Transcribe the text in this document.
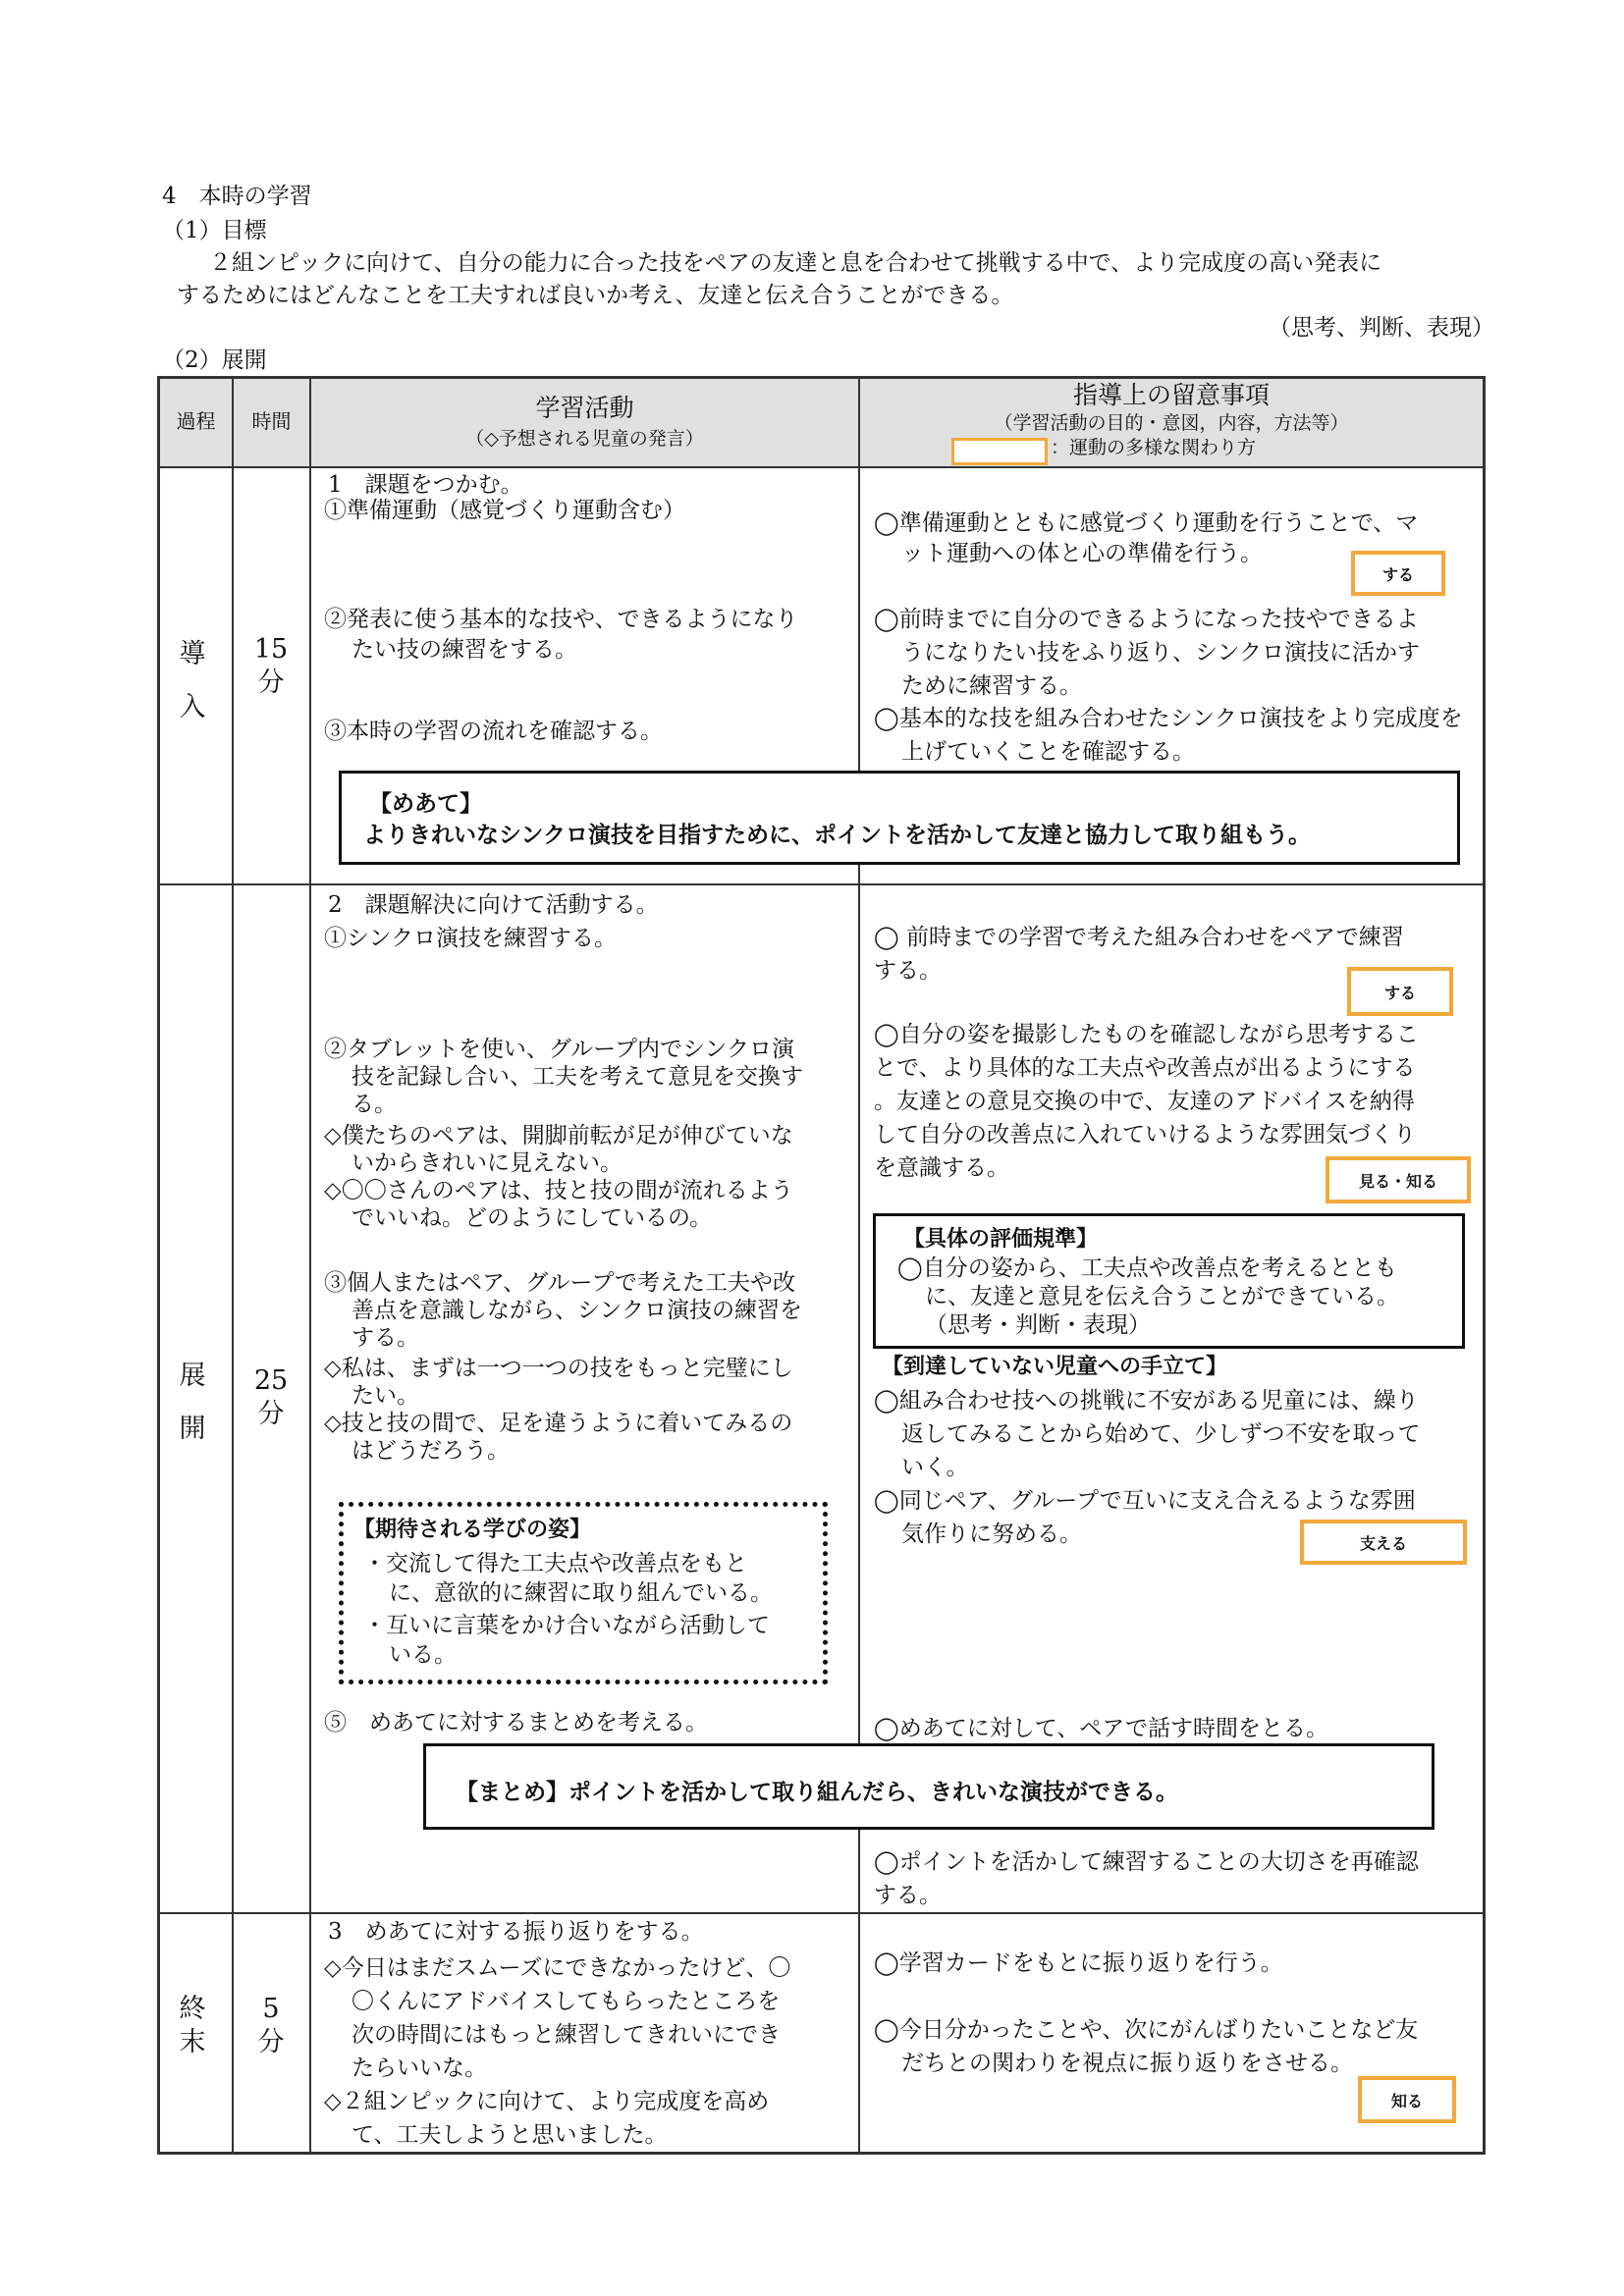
4　本時の学習
（1）目標
２組ンピックに向けて、自分の能力に合った技をペアの友達と息を合わせて挑戦する中で、より完成度の高い発表に
するためにはどんなことを工夫すれば良いか考え、友達と伝え合うことができる。
（思考、判断、表現）
（2）展開
過程	時間	学習活動
（◇予想される児童の発言）
指導上の留意事項
（学習活動の目的・意図，内容，方法等）
：運動の多様な関わり方
導
入
15
分
1　課題をつかむ。
①準備運動（感覚づくり運動含む）
②発表に使う基本的な技や、できるようになり
たい技の練習をする。
③本時の学習の流れを確認する。
◯準備運動とともに感覚づくり運動を行うことで、マ
ット運動への体と心の準備を行う。
◯前時までに自分のできるようになった技やできるよ
うになりたい技をふり返り、シンクロ演技に活かす
ために練習する。
◯基本的な技を組み合わせたシンクロ演技をより完成度を
上げていくことを確認する。
する
【めあて】
よりきれいなシンクロ演技を目指すために、ポイントを活かして友達と協力して取り組もう。
展
開
25
分
2　課題解決に向けて活動する。
①シンクロ演技を練習する。
②タブレットを使い、グループ内でシンクロ演
技を記録し合い、工夫を考えて意見を交換す
る。
◇僕たちのペアは、開脚前転が足が伸びていな
いからきれいに見えない。
◇〇〇さんのペアは、技と技の間が流れるよう
でいいね。どのようにしているの。
③個人またはペア、グループで考えた工夫や改
善点を意識しながら、シンクロ演技の練習を
する。
◇私は、まずは一つ一つの技をもっと完璧にし
たい。
◇技と技の間で、足を違うように着いてみるの
はどうだろう。
⑤　めあてに対するまとめを考える。
【期待される学びの姿】
・交流して得た工夫点や改善点をもと
に、意欲的に練習に取り組んでいる。
・互いに言葉をかけ合いながら活動して
いる。
◯ 前時までの学習で考えた組み合わせをペアで練習
する。
◯自分の姿を撮影したものを確認しながら思考するこ
とで、より具体的な工夫点や改善点が出るようにする
。友達との意見交換の中で、友達のアドバイスを納得
して自分の改善点に入れていけるような雰囲気づくり
を意識する。
◯組み合わせ技への挑戦に不安がある児童には、繰り
返してみることから始めて、少しずつ不安を取って
いく。
◯同じペア、グループで互いに支え合えるような雰囲
気作りに努める。
◯めあてに対して、ペアで話す時間をとる。
◯ポイントを活かして練習することの大切さを再確認
する。
【具体の評価規準】
◯自分の姿から、工夫点や改善点を考えるととも
に、友達と意見を伝え合うことができている。
（思考・判断・表現）
【到達していない児童への手立て】
する
見る・知る
支える
【まとめ】ポイントを活かして取り組んだら、きれいな演技ができる。
終
末
5
分
3　めあてに対する振り返りをする。
◇今日はまだスムーズにできなかったけど、〇
〇くんにアドバイスしてもらったところを
次の時間にはもっと練習してきれいにでき
たらいいな。
◇２組ンピックに向けて、より完成度を高め
て、工夫しようと思いました。
◯学習カードをもとに振り返りを行う。
◯今日分かったことや、次にがんばりたいことなど友
だちとの関わりを視点に振り返りをさせる。
知る
